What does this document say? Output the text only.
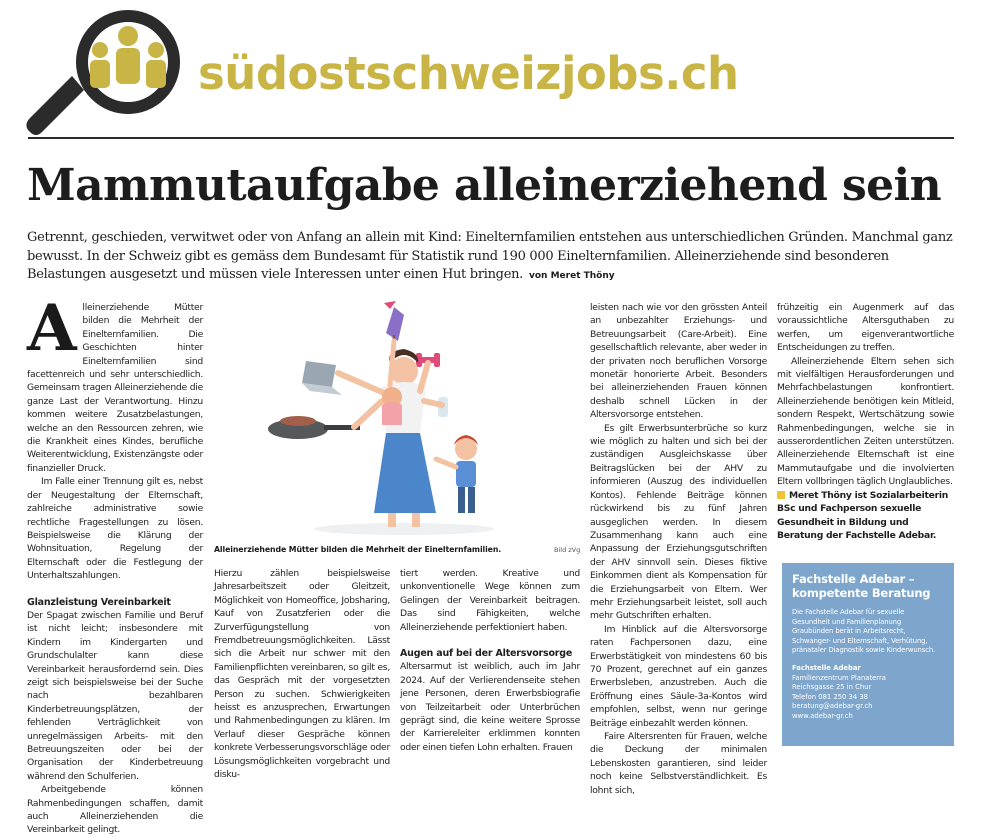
südostschweizjobs.ch
Mammutaufgabe alleinerziehend sein

Getrennt, geschieden, verwitwet oder von Anfang an allein mit Kind: Einelternfamilien entstehen aus unterschiedlichen Gründen. Manchmal ganz bewusst. In der Schweiz gibt es gemäss dem Bundesamt für Statistik rund 190 000 Einelternfamilien. Alleinerziehende sind besonderen Belastungen ausgesetzt und müssen viele Interessen unter einen Hut bringen. von Meret Thöny

Alleinerziehende Mütter bilden die Mehrheit der Einelternfamilien. Die Geschichten hinter Einelternfamilien sind facettenreich und sehr unterschiedlich. Gemeinsam tragen Alleinerziehende die ganze Last der Verantwortung. Hinzu kommen weitere Zusatzbelastungen, welche an den Ressourcen zehren, wie die Krankheit eines Kindes, berufliche Weiterentwicklung, Existenzängste oder finanzieller Druck.

Im Falle einer Trennung gilt es, nebst der Neugestaltung der Elternschaft, zahlreiche administrative sowie rechtliche Fragestellungen zu lösen. Beispielsweise die Klärung der Wohnsituation, Regelung der Elternschaft oder die Festlegung der Unterhaltszahlungen.

Glanzleistung Vereinbarkeit

Der Spagat zwischen Familie und Beruf ist nicht leicht; insbesondere mit Kindern im Kindergarten und Grundschulalter kann diese Vereinbarkeit herausfordernd sein. Dies zeigt sich beispielsweise bei der Suche nach bezahlbaren Kinderbetreuungsplätzen, der fehlenden Verträglichkeit von unregelmässigen Arbeits- mit den Betreuungszeiten oder bei der Organisation der Kinderbetreuung während den Schulferien.

Arbeitgebende können Rahmenbedingungen schaffen, damit auch Alleinerziehenden die Vereinbarkeit gelingt.

Alleinerziehende Mütter bilden die Mehrheit der Einelternfamilien.	Bild zVg

Hierzu zählen beispielsweise Jahresarbeitszeit oder Gleitzeit, Möglichkeit von Homeoffice, Jobsharing, Kauf von Zusatzferien oder die Zurverfügungstellung von Fremdbetreuungsmöglichkeiten. Lässt sich die Arbeit nur schwer mit den Familienpflichten vereinbaren, so gilt es, das Gespräch mit der vorgesetzten Person zu suchen. Schwierigkeiten heisst es anzusprechen, Erwartungen und Rahmenbedingungen zu klären. Im Verlauf dieser Gespräche können konkrete Verbesserungsvorschläge oder Lösungsmöglichkeiten vorgebracht und disku-

tiert werden. Kreative und unkonventionelle Wege können zum Gelingen der Vereinbarkeit beitragen. Das sind Fähigkeiten, welche Alleinerziehende perfektioniert haben.

Augen auf bei der Altersvorsorge

Altersarmut ist weiblich, auch im Jahr 2024. Auf der Verlierendenseite stehen jene Personen, deren Erwerbsbiografie von Teilzeitarbeit oder Unterbrüchen geprägt sind, die keine weitere Sprosse der Karriereleiter erklimmen konnten oder einen tiefen Lohn erhalten. Frauen

leisten nach wie vor den grössten Anteil an unbezahlter Erziehungs- und Betreuungsarbeit (Care-Arbeit). Eine gesellschaftlich relevante, aber weder in der privaten noch beruflichen Vorsorge monetär honorierte Arbeit. Besonders bei alleinerziehenden Frauen können deshalb schnell Lücken in der Altersvorsorge entstehen.

Es gilt Erwerbsunterbrüche so kurz wie möglich zu halten und sich bei der zuständigen Ausgleichskasse über Beitragslücken bei der AHV zu informieren (Auszug des individuellen Kontos). Fehlende Beiträge können rückwirkend bis zu fünf Jahren ausgeglichen werden. In diesem Zusammenhang kann auch eine Anpassung der Erziehungsgutschriften der AHV sinnvoll sein. Dieses fiktive Einkommen dient als Kompensation für die Erziehungsarbeit von Eltern. Wer mehr Erziehungsarbeit leistet, soll auch mehr Gutschriften erhalten.

Im Hinblick auf die Altersvorsorge raten Fachpersonen dazu, eine Erwerbstätigkeit von mindestens 60 bis 70 Prozent, gerechnet auf ein ganzes Erwerbsleben, anzustreben. Auch die Eröffnung eines Säule-3a-Kontos wird empfohlen, selbst, wenn nur geringe Beiträge einbezahlt werden können.

Faire Altersrenten für Frauen, welche die Deckung der minimalen Lebenskosten garantieren, sind leider noch keine Selbstverständlichkeit. Es lohnt sich,

frühzeitig ein Augenmerk auf das voraussichtliche Altersguthaben zu werfen, um eigenverantwortliche Entscheidungen zu treffen.

Alleinerziehende Eltern sehen sich mit vielfältigen Herausforderungen und Mehrfachbelastungen konfrontiert. Alleinerziehende benötigen kein Mitleid, sondern Respekt, Wertschätzung sowie Rahmenbedingungen, welche sie in ausserordentlichen Zeiten unterstützen. Alleinerziehende Elternschaft ist eine Mammutaufgabe und die involvierten Eltern vollbringen täglich Unglaubliches.

Meret Thöny ist Sozialarbeiterin BSc und Fachperson sexuelle Gesundheit in Bildung und Beratung der Fachstelle Adebar.

Fachstelle Adebar –
kompetente Beratung
Die Fachstelle Adebar für sexuelle Gesundheit und Familienplanung Graubünden berät in Arbeitsrecht, Schwanger- und Elternschaft, Verhütung, pränataler Diagnostik sowie Kinderwunsch.
Fachstelle Adebar
Familienzentrum Planaterra
Reichsgasse 25 in Chur
Telefon 081 250 34 38
beratung@adebar-gr.ch
www.adebar-gr.ch
